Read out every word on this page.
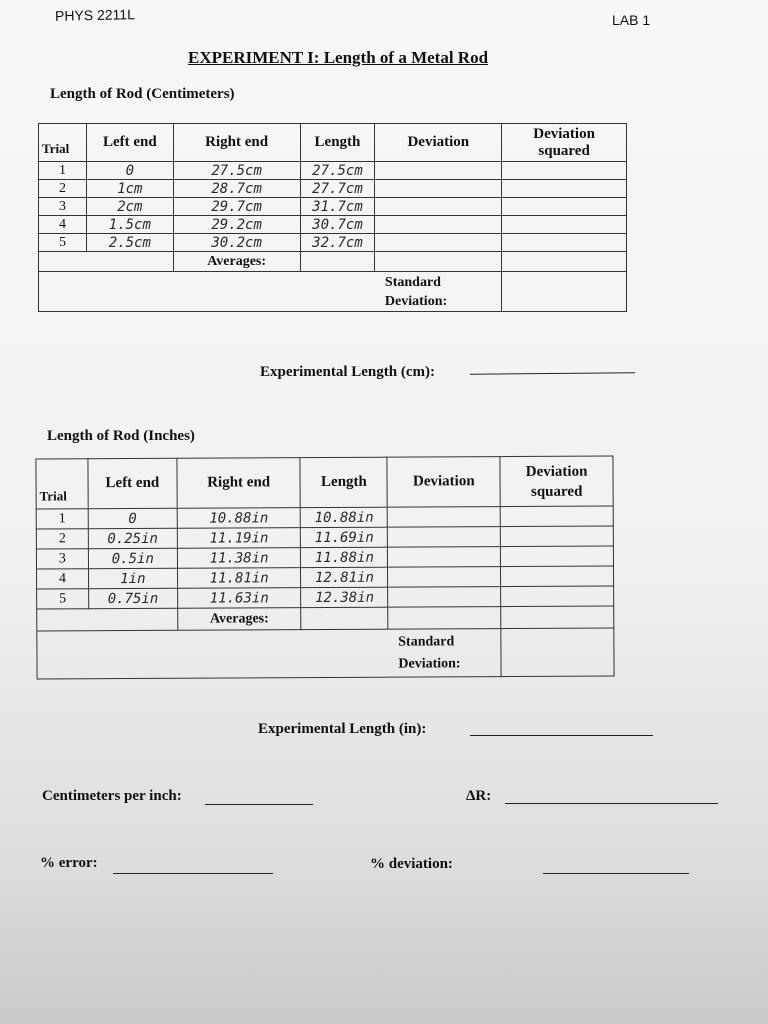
PHYS 2211L	LAB 1
EXPERIMENT I: Length of a Metal Rod
Length of Rod (Centimeters)
Trial	Left end	Right end	Length	Deviation	Deviation
squared

1	0	27.5cm	27.5cm		
2	1cm	28.7cm	27.7cm		
3	2cm	29.7cm	31.7cm		
4	1.5cm	29.2cm	30.7cm		
5	2.5cm	30.2cm	32.7cm		
		Averages:			

				Standard
Deviation:	

Experimental Length (cm):
Length of Rod (Inches)
Trial	Left end	Right end	Length	Deviation	Deviation
squared

1	0	10.88in	10.88in		
2	0.25in	11.19in	11.69in		
3	0.5in	11.38in	11.88in		
4	1in	11.81in	12.81in		
5	0.75in	11.63in	12.38in		
		Averages:			

				Standard
Deviation:	

Experimental Length (in):
Centimeters per inch:	ΔR:
% error:	% deviation:
